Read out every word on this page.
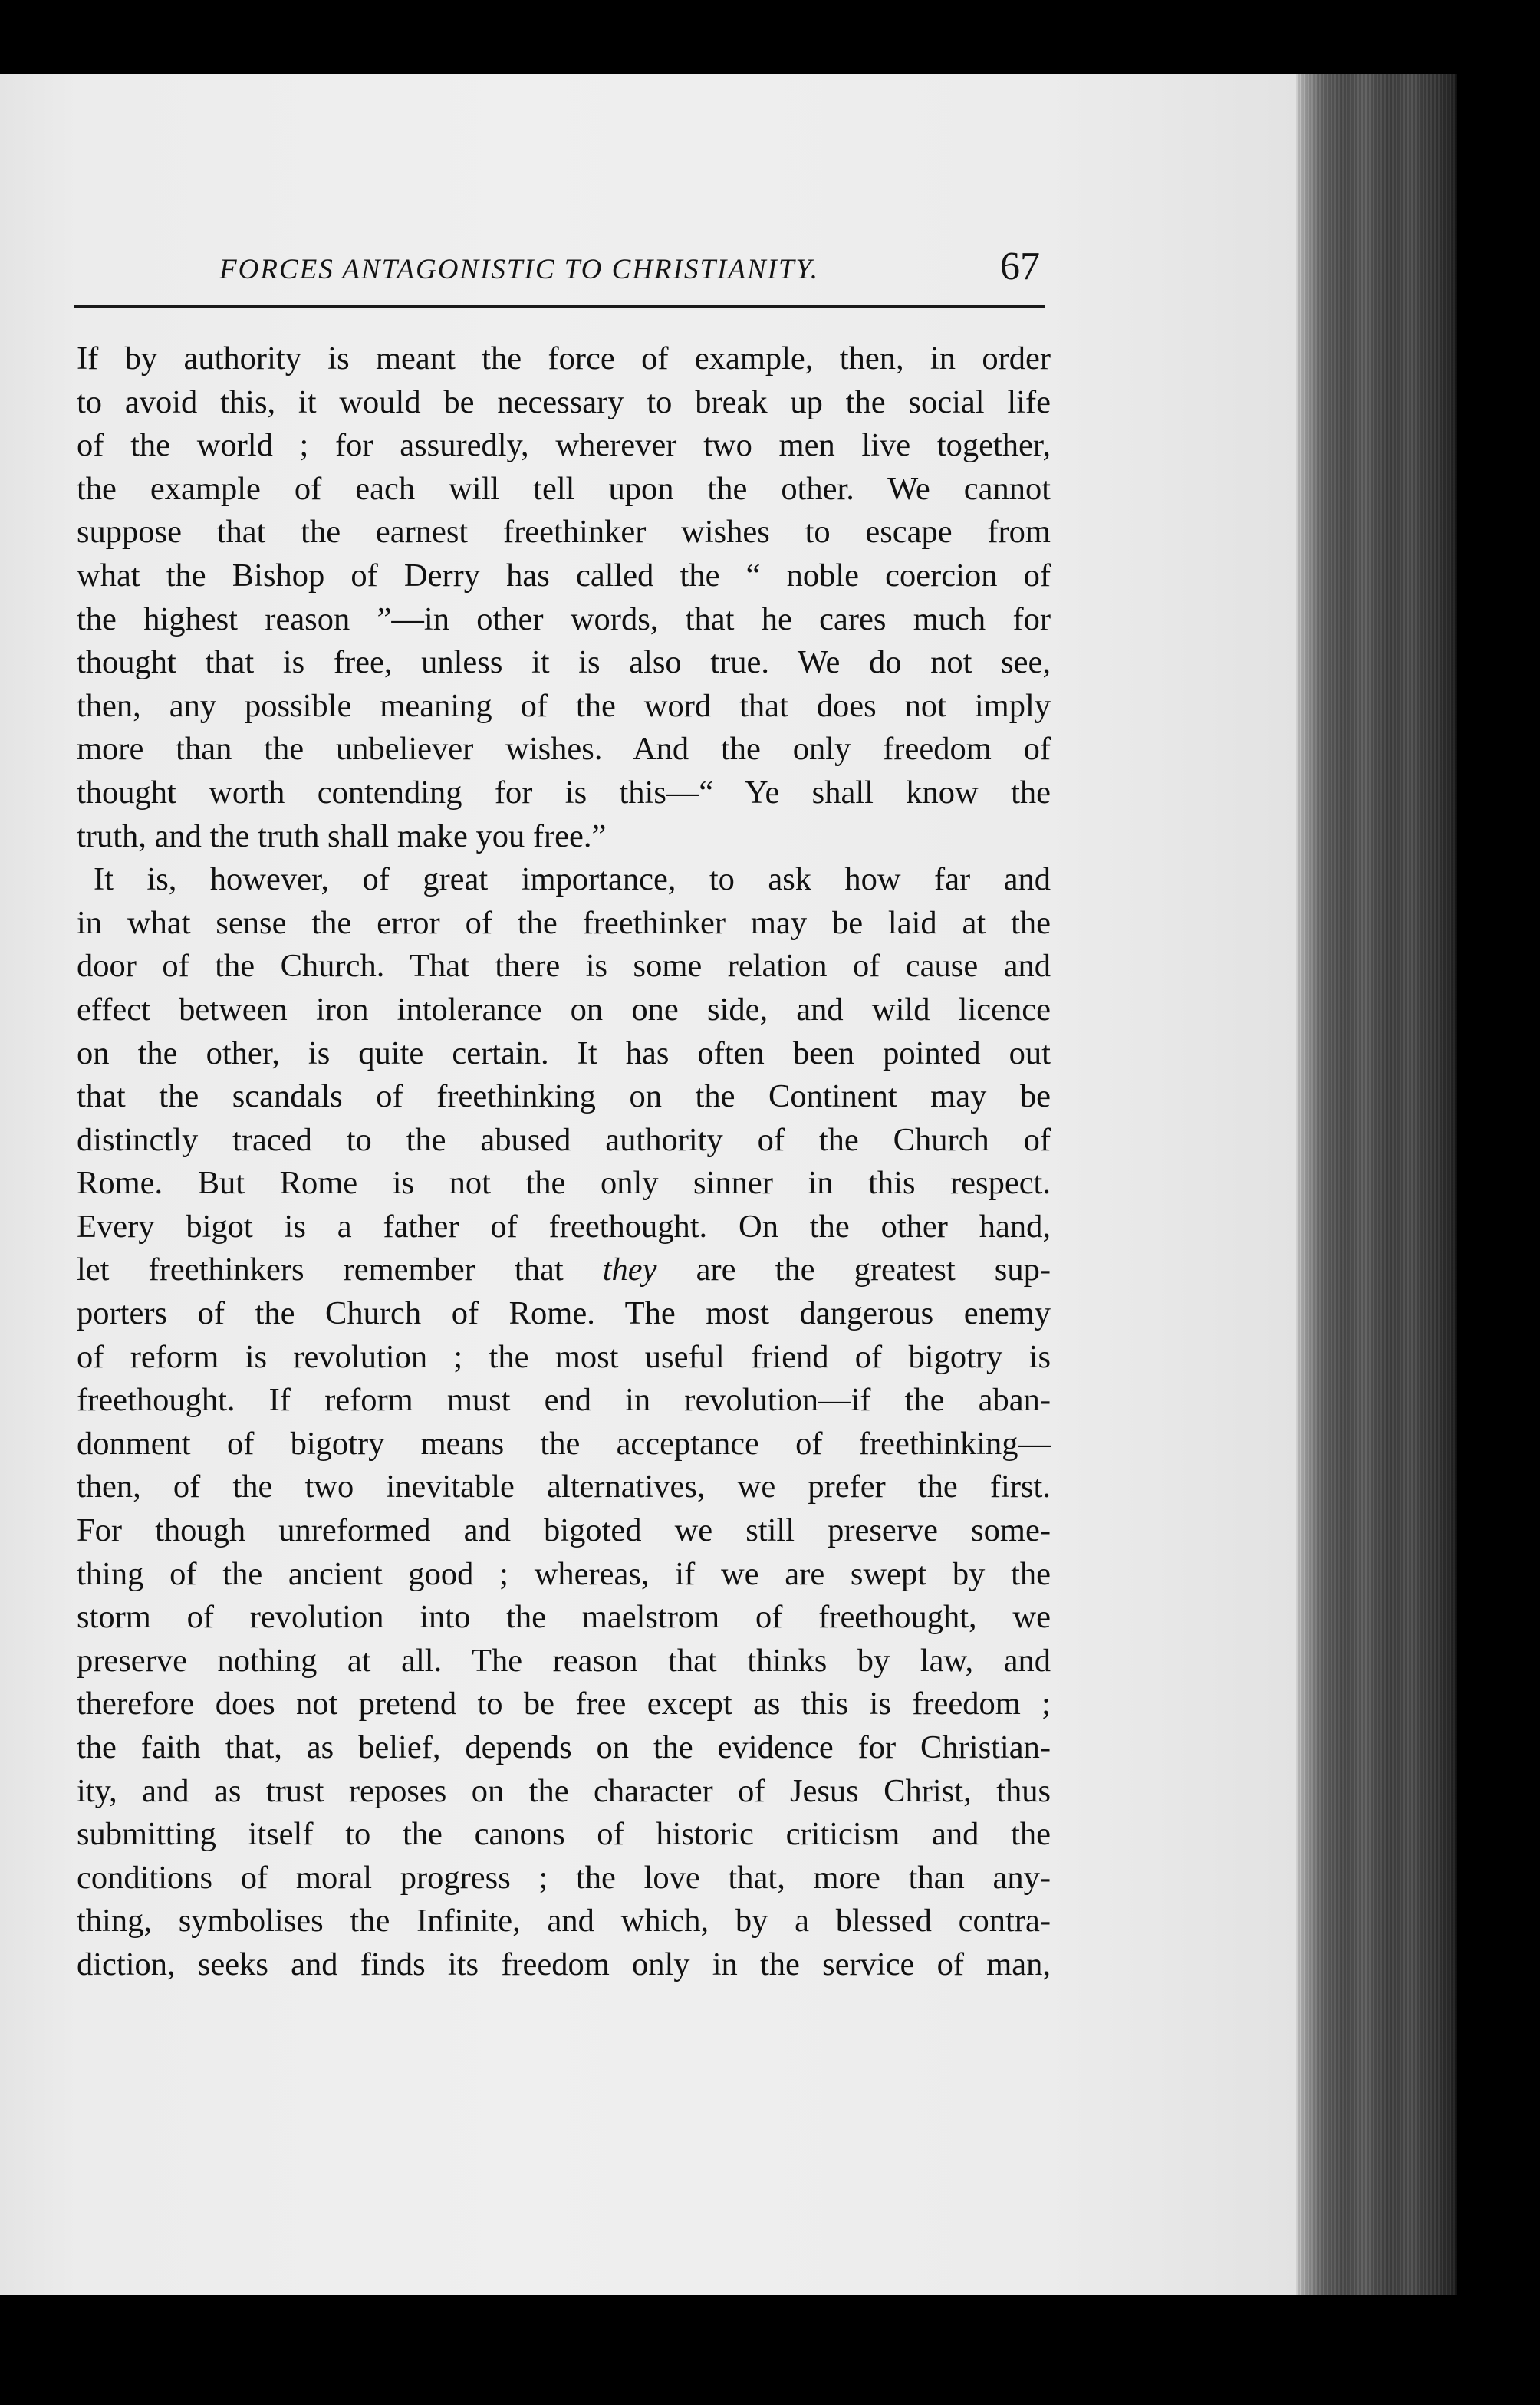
FORCES ANTAGONISTIC TO CHRISTIANITY.	67
If by authority is meant the force of example, then, in order
to avoid this, it would be necessary to break up the social life
of the world ; for assuredly, wherever two men live together,
the example of each will tell upon the other. We cannot
suppose that the earnest freethinker wishes to escape from
what the Bishop of Derry has called the “ noble coercion of
the highest reason ”—in other words, that he cares much for
thought that is free, unless it is also true. We do not see,
then, any possible meaning of the word that does not imply
more than the unbeliever wishes. And the only freedom of
thought worth contending for is this—“ Ye shall know the
truth, and the truth shall make you free.”
It is, however, of great importance, to ask how far and
in what sense the error of the freethinker may be laid at the
door of the Church. That there is some relation of cause and
effect between iron intolerance on one side, and wild licence
on the other, is quite certain. It has often been pointed out
that the scandals of freethinking on the Continent may be
distinctly traced to the abused authority of the Church of
Rome. But Rome is not the only sinner in this respect.
Every bigot is a father of freethought. On the other hand,
let freethinkers remember that they are the greatest sup-
porters of the Church of Rome. The most dangerous enemy
of reform is revolution ; the most useful friend of bigotry is
freethought. If reform must end in revolution—if the aban-
donment of bigotry means the acceptance of freethinking—
then, of the two inevitable alternatives, we prefer the first.
For though unreformed and bigoted we still preserve some-
thing of the ancient good ; whereas, if we are swept by the
storm of revolution into the maelstrom of freethought, we
preserve nothing at all. The reason that thinks by law, and
therefore does not pretend to be free except as this is freedom ;
the faith that, as belief, depends on the evidence for Christian-
ity, and as trust reposes on the character of Jesus Christ, thus
submitting itself to the canons of historic criticism and the
conditions of moral progress ; the love that, more than any-
thing, symbolises the Infinite, and which, by a blessed contra-
diction, seeks and finds its freedom only in the service of man,
